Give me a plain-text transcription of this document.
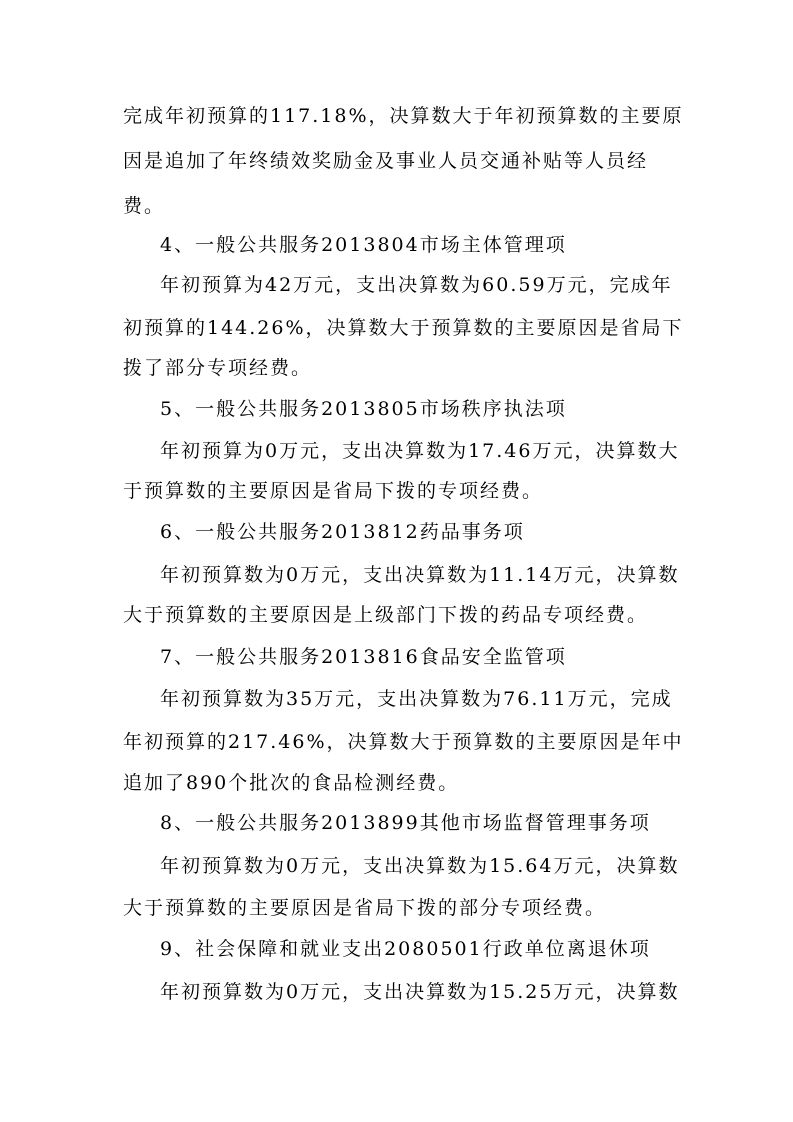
完成年初预算的117.18%，决算数大于年初预算数的主要原
因是追加了年终绩效奖励金及事业人员交通补贴等人员经
费。
4、一般公共服务2013804市场主体管理项
年初预算为42万元，支出决算数为60.59万元，完成年
初预算的144.26%，决算数大于预算数的主要原因是省局下
拨了部分专项经费。
5、一般公共服务2013805市场秩序执法项
年初预算为0万元，支出决算数为17.46万元，决算数大
于预算数的主要原因是省局下拨的专项经费。
6、一般公共服务2013812药品事务项
年初预算数为0万元，支出决算数为11.14万元，决算数
大于预算数的主要原因是上级部门下拨的药品专项经费。
7、一般公共服务2013816食品安全监管项
年初预算数为35万元，支出决算数为76.11万元，完成
年初预算的217.46%，决算数大于预算数的主要原因是年中
追加了890个批次的食品检测经费。
8、一般公共服务2013899其他市场监督管理事务项
年初预算数为0万元，支出决算数为15.64万元，决算数
大于预算数的主要原因是省局下拨的部分专项经费。
9、社会保障和就业支出2080501行政单位离退休项
年初预算数为0万元，支出决算数为15.25万元，决算数
